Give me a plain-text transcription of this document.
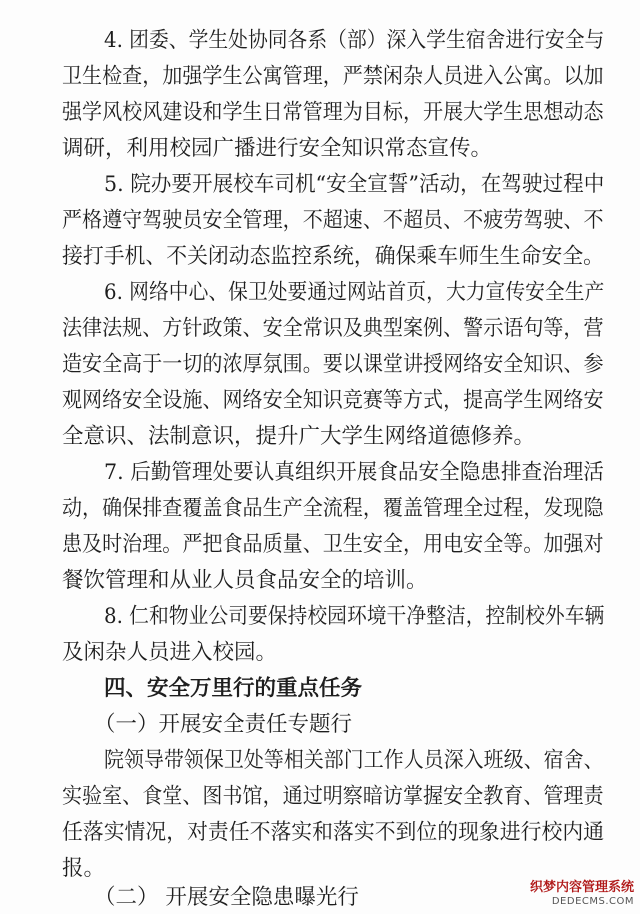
4. 团委、学生处协同各系（部）深入学生宿舍进行安全与
卫生检查，加强学生公寓管理，严禁闲杂人员进入公寓。以加
强学风校风建设和学生日常管理为目标，开展大学生思想动态
调研，利用校园广播进行安全知识常态宣传。
5. 院办要开展校车司机“安全宣誓”活动，在驾驶过程中
严格遵守驾驶员安全管理，不超速、不超员、不疲劳驾驶、不
接打手机、不关闭动态监控系统，确保乘车师生生命安全。
6. 网络中心、保卫处要通过网站首页，大力宣传安全生产
法律法规、方针政策、安全常识及典型案例、警示语句等，营
造安全高于一切的浓厚氛围。要以课堂讲授网络安全知识、参
观网络安全设施、网络安全知识竞赛等方式，提高学生网络安
全意识、法制意识，提升广大学生网络道德修养。
7. 后勤管理处要认真组织开展食品安全隐患排查治理活
动，确保排查覆盖食品生产全流程，覆盖管理全过程，发现隐
患及时治理。严把食品质量、卫生安全，用电安全等。加强对
餐饮管理和从业人员食品安全的培训。
8. 仁和物业公司要保持校园环境干净整洁，控制校外车辆
及闲杂人员进入校园。
四、安全万里行的重点任务
（一）开展安全责任专题行
院领导带领保卫处等相关部门工作人员深入班级、宿舍、
实验室、食堂、图书馆，通过明察暗访掌握安全教育、管理责
任落实情况，对责任不落实和落实不到位的现象进行校内通
报。
（二） 开展安全隐患曝光行	织梦内容管理系统
DEDECMS.COM
